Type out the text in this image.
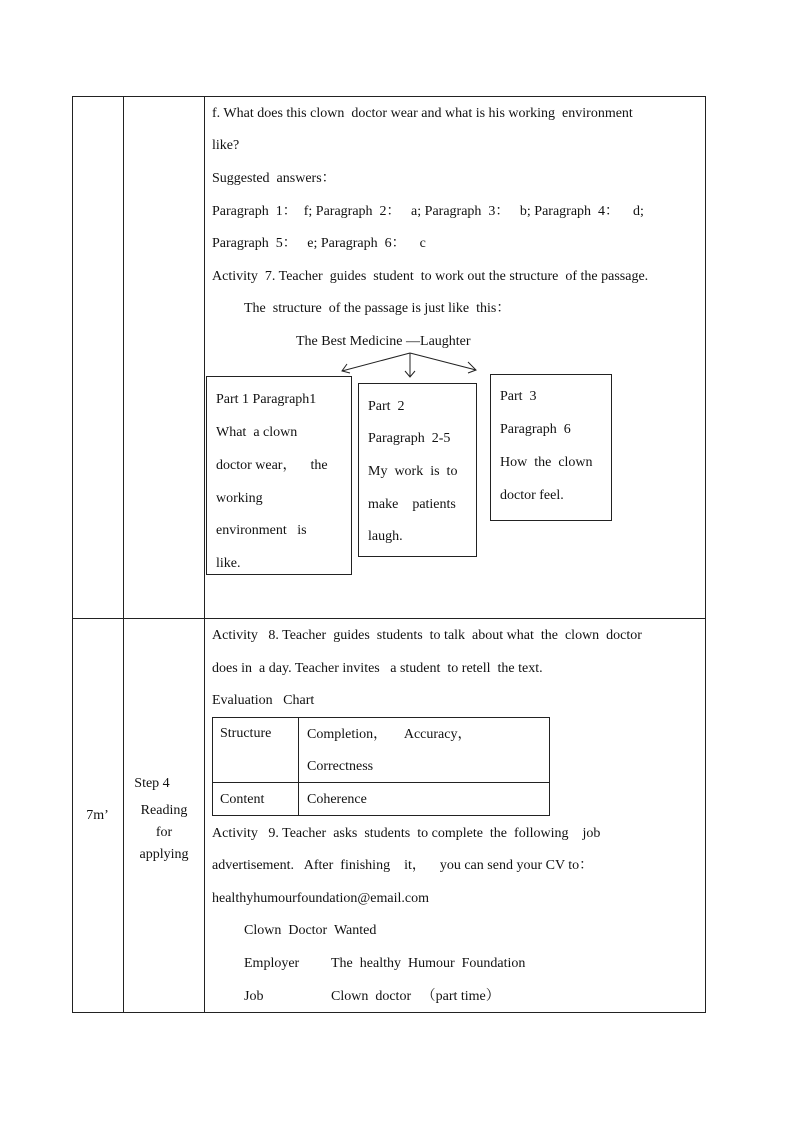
f. What does this clown  doctor wear and what is his working  environment
like?
Suggested  answers：
Paragraph  1：  f; Paragraph  2：   a; Paragraph  3：   b; Paragraph  4：    d;
Paragraph  5：   e; Paragraph  6：    c
Activity  7. Teacher  guides  student  to work out the structure  of the passage.
The  structure  of the passage is just like  this：
The Best Medicine —Laughter
Part 1 Paragraph1
What  a clown
doctor wear，    the
working
environment   is
like.
Part  2
Paragraph  2-5
My  work  is  to
make    patients
laugh.
Part  3
Paragraph  6
How  the  clown
doctor feel.
7m’
Step 4
Reading
for
applying
Activity   8. Teacher  guides  students  to talk  about what  the  clown  doctor
does in  a day. Teacher invites   a student  to retell  the text.
Evaluation   Chart
Structure	Completion，     Accuracy，
Correctness
Content	Coherence
Activity   9. Teacher  asks  students  to complete  the  following    job
advertisement.   After  finishing    it，    you can send your CV to：
healthyhumourfoundation@email.com
Clown  Doctor  Wanted
Employer The  healthy  Humour  Foundation
Job	Clown  doctor   （part time）
